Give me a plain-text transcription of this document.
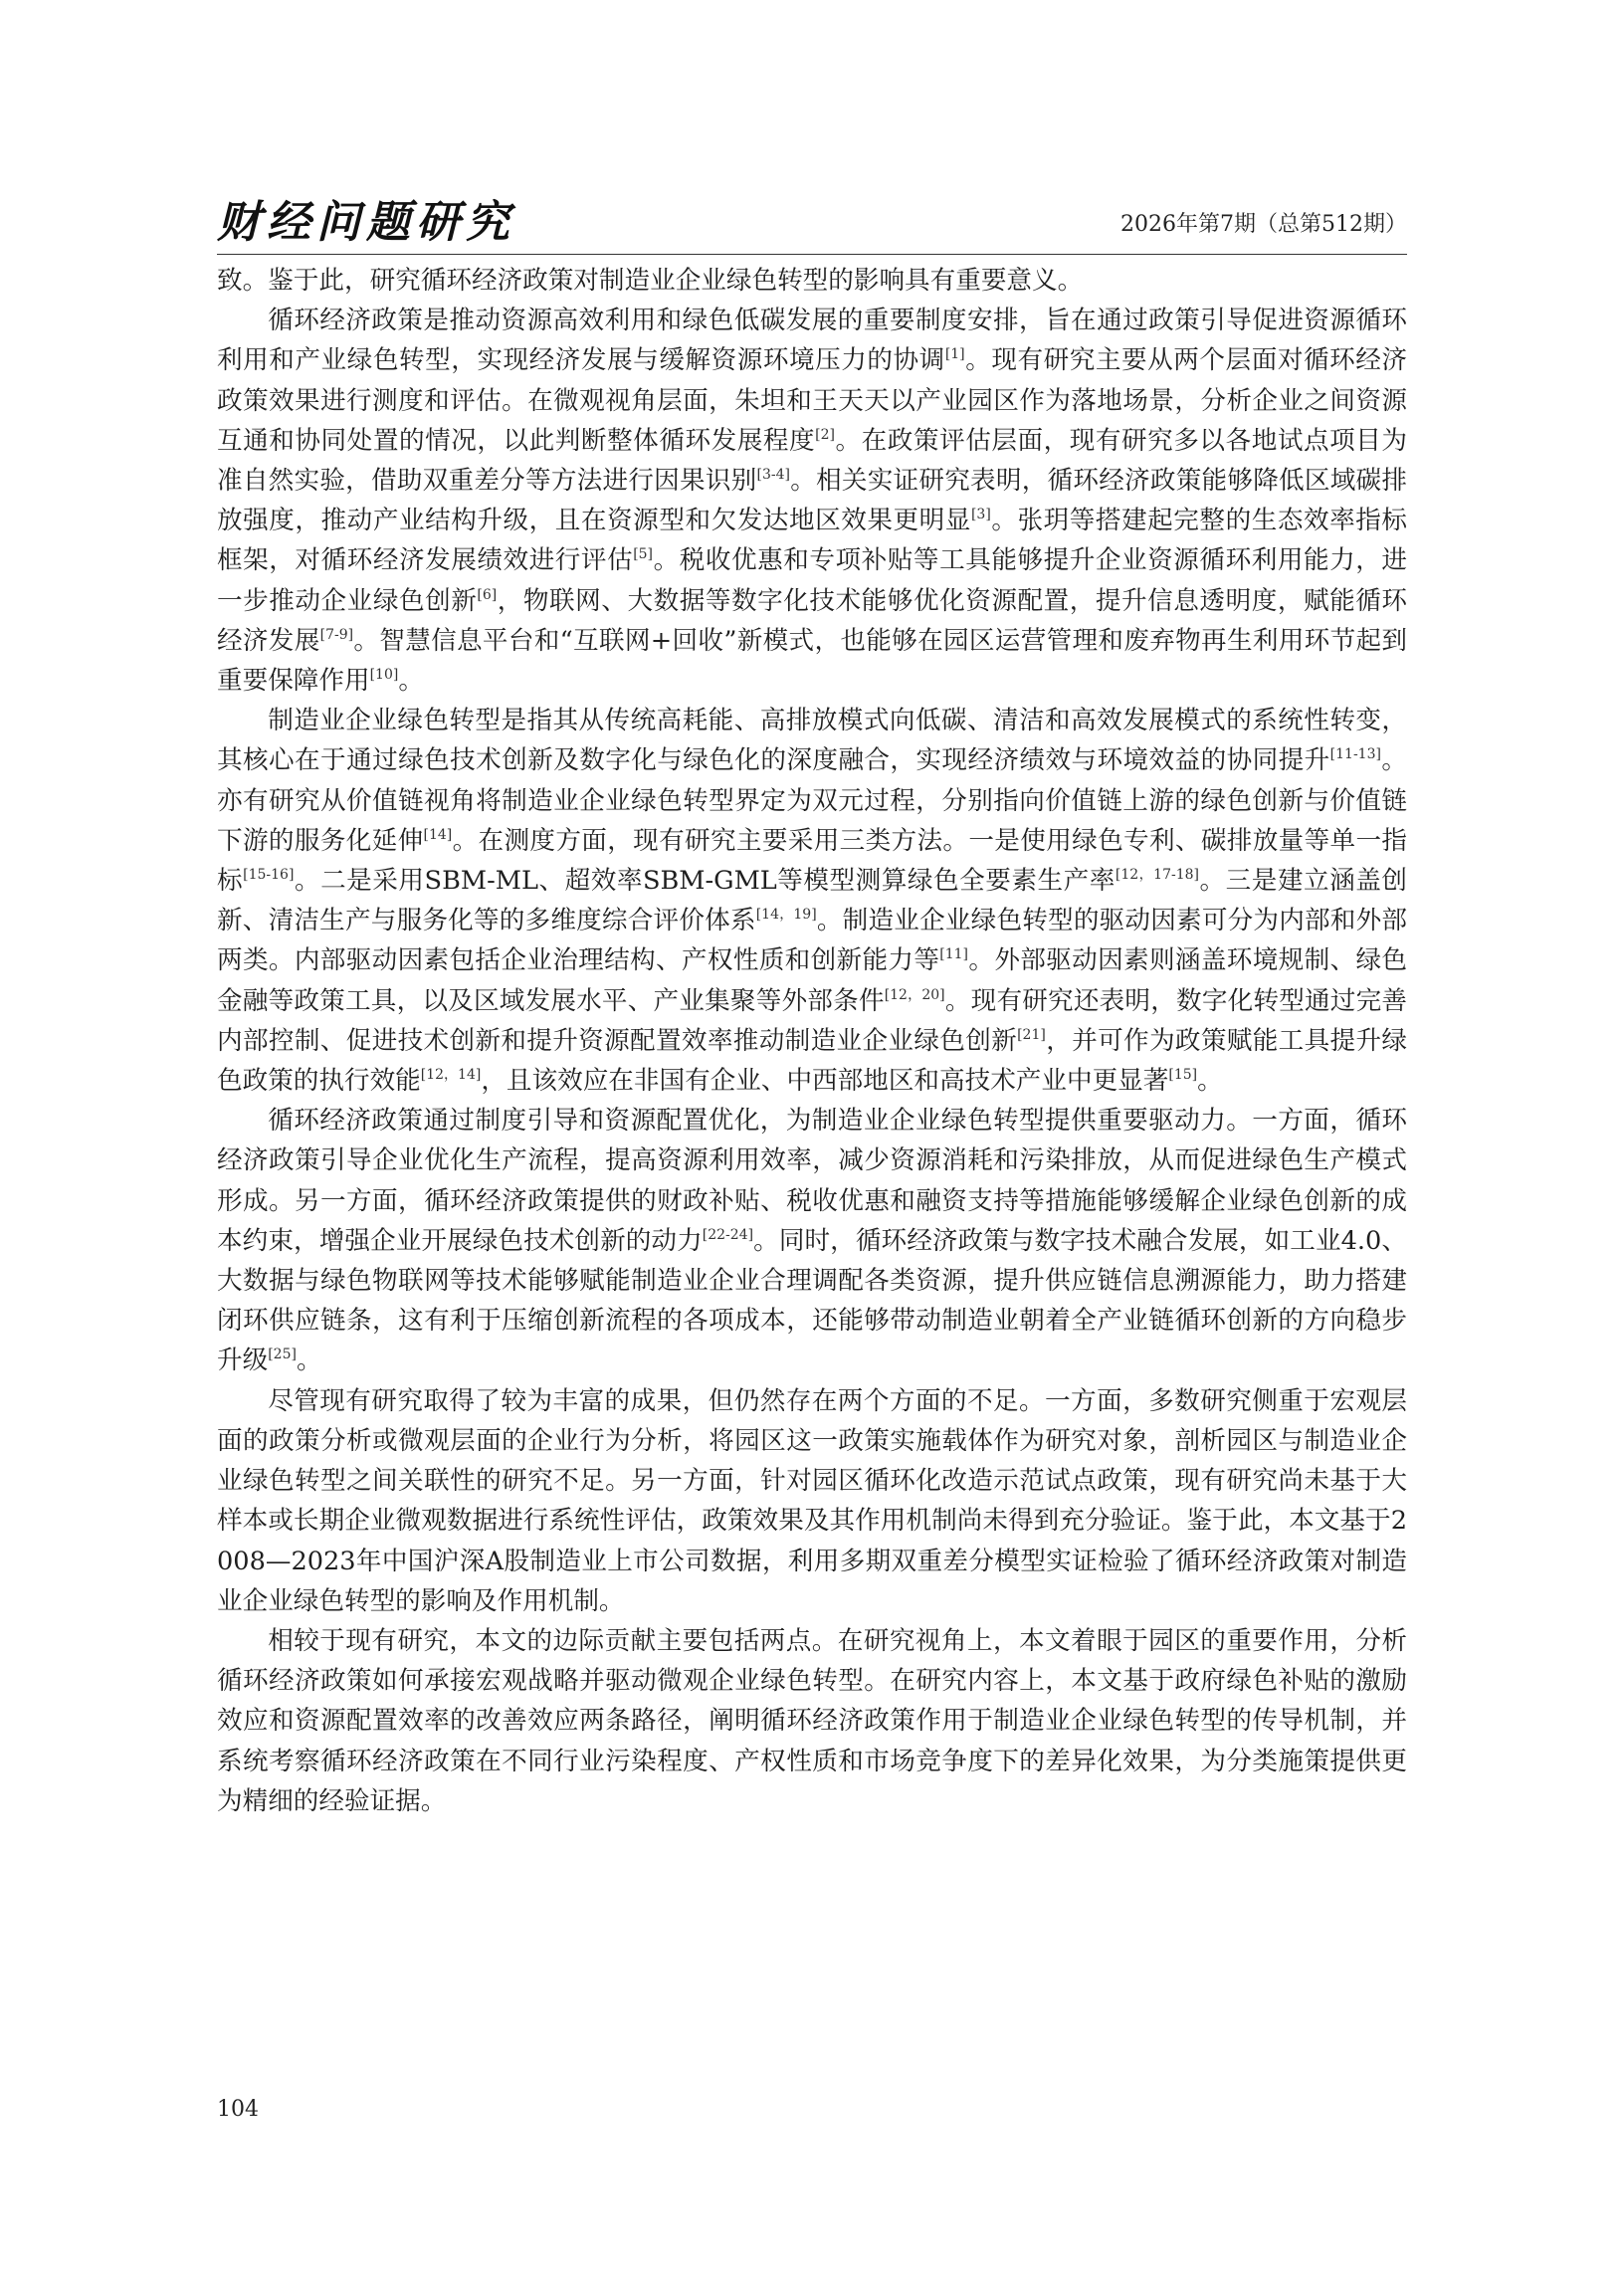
财经问题研究	2026年第7期（总第512期）

致。鉴于此，研究循环经济政策对制造业企业绿色转型的影响具有重要意义。

循环经济政策是推动资源高效利用和绿色低碳发展的重要制度安排，旨在通过政策引导促进资源循环利用和产业绿色转型，实现经济发展与缓解资源环境压力的协调[1]。现有研究主要从两个层面对循环经济政策效果进行测度和评估。在微观视角层面，朱坦和王天天以产业园区作为落地场景，分析企业之间资源互通和协同处置的情况，以此判断整体循环发展程度[2]。在政策评估层面，现有研究多以各地试点项目为准自然实验，借助双重差分等方法进行因果识别[3-4]。相关实证研究表明，循环经济政策能够降低区域碳排放强度，推动产业结构升级，且在资源型和欠发达地区效果更明显[3]。张玥等搭建起完整的生态效率指标框架，对循环经济发展绩效进行评估[5]。税收优惠和专项补贴等工具能够提升企业资源循环利用能力，进一步推动企业绿色创新[6]，物联网、大数据等数字化技术能够优化资源配置，提升信息透明度，赋能循环经济发展[7-9]。智慧信息平台和“互联网+回收”新模式，也能够在园区运营管理和废弃物再生利用环节起到重要保障作用[10]。

制造业企业绿色转型是指其从传统高耗能、高排放模式向低碳、清洁和高效发展模式的系统性转变，其核心在于通过绿色技术创新及数字化与绿色化的深度融合，实现经济绩效与环境效益的协同提升[11-13]。亦有研究从价值链视角将制造业企业绿色转型界定为双元过程，分别指向价值链上游的绿色创新与价值链下游的服务化延伸[14]。在测度方面，现有研究主要采用三类方法。一是使用绿色专利、碳排放量等单一指标[15-16]。二是采用SBM-ML、超效率SBM-GML等模型测算绿色全要素生产率[12，17-18]。三是建立涵盖创新、清洁生产与服务化等的多维度综合评价体系[14，19]。制造业企业绿色转型的驱动因素可分为内部和外部两类。内部驱动因素包括企业治理结构、产权性质和创新能力等[11]。外部驱动因素则涵盖环境规制、绿色金融等政策工具，以及区域发展水平、产业集聚等外部条件[12，20]。现有研究还表明，数字化转型通过完善内部控制、促进技术创新和提升资源配置效率推动制造业企业绿色创新[21]，并可作为政策赋能工具提升绿色政策的执行效能[12，14]，且该效应在非国有企业、中西部地区和高技术产业中更显著[15]。

循环经济政策通过制度引导和资源配置优化，为制造业企业绿色转型提供重要驱动力。一方面，循环经济政策引导企业优化生产流程，提高资源利用效率，减少资源消耗和污染排放，从而促进绿色生产模式形成。另一方面，循环经济政策提供的财政补贴、税收优惠和融资支持等措施能够缓解企业绿色创新的成本约束，增强企业开展绿色技术创新的动力[22-24]。同时，循环经济政策与数字技术融合发展，如工业4.0、大数据与绿色物联网等技术能够赋能制造业企业合理调配各类资源，提升供应链信息溯源能力，助力搭建闭环供应链条，这有利于压缩创新流程的各项成本，还能够带动制造业朝着全产业链循环创新的方向稳步升级[25]。

尽管现有研究取得了较为丰富的成果，但仍然存在两个方面的不足。一方面，多数研究侧重于宏观层面的政策分析或微观层面的企业行为分析，将园区这一政策实施载体作为研究对象，剖析园区与制造业企业绿色转型之间关联性的研究不足。另一方面，针对园区循环化改造示范试点政策，现有研究尚未基于大样本或长期企业微观数据进行系统性评估，政策效果及其作用机制尚未得到充分验证。鉴于此，本文基于2008—2023年中国沪深A股制造业上市公司数据，利用多期双重差分模型实证检验了循环经济政策对制造业企业绿色转型的影响及作用机制。

相较于现有研究，本文的边际贡献主要包括两点。在研究视角上，本文着眼于园区的重要作用，分析循环经济政策如何承接宏观战略并驱动微观企业绿色转型。在研究内容上，本文基于政府绿色补贴的激励效应和资源配置效率的改善效应两条路径，阐明循环经济政策作用于制造业企业绿色转型的传导机制，并系统考察循环经济政策在不同行业污染程度、产权性质和市场竞争度下的差异化效果，为分类施策提供更为精细的经验证据。

104
